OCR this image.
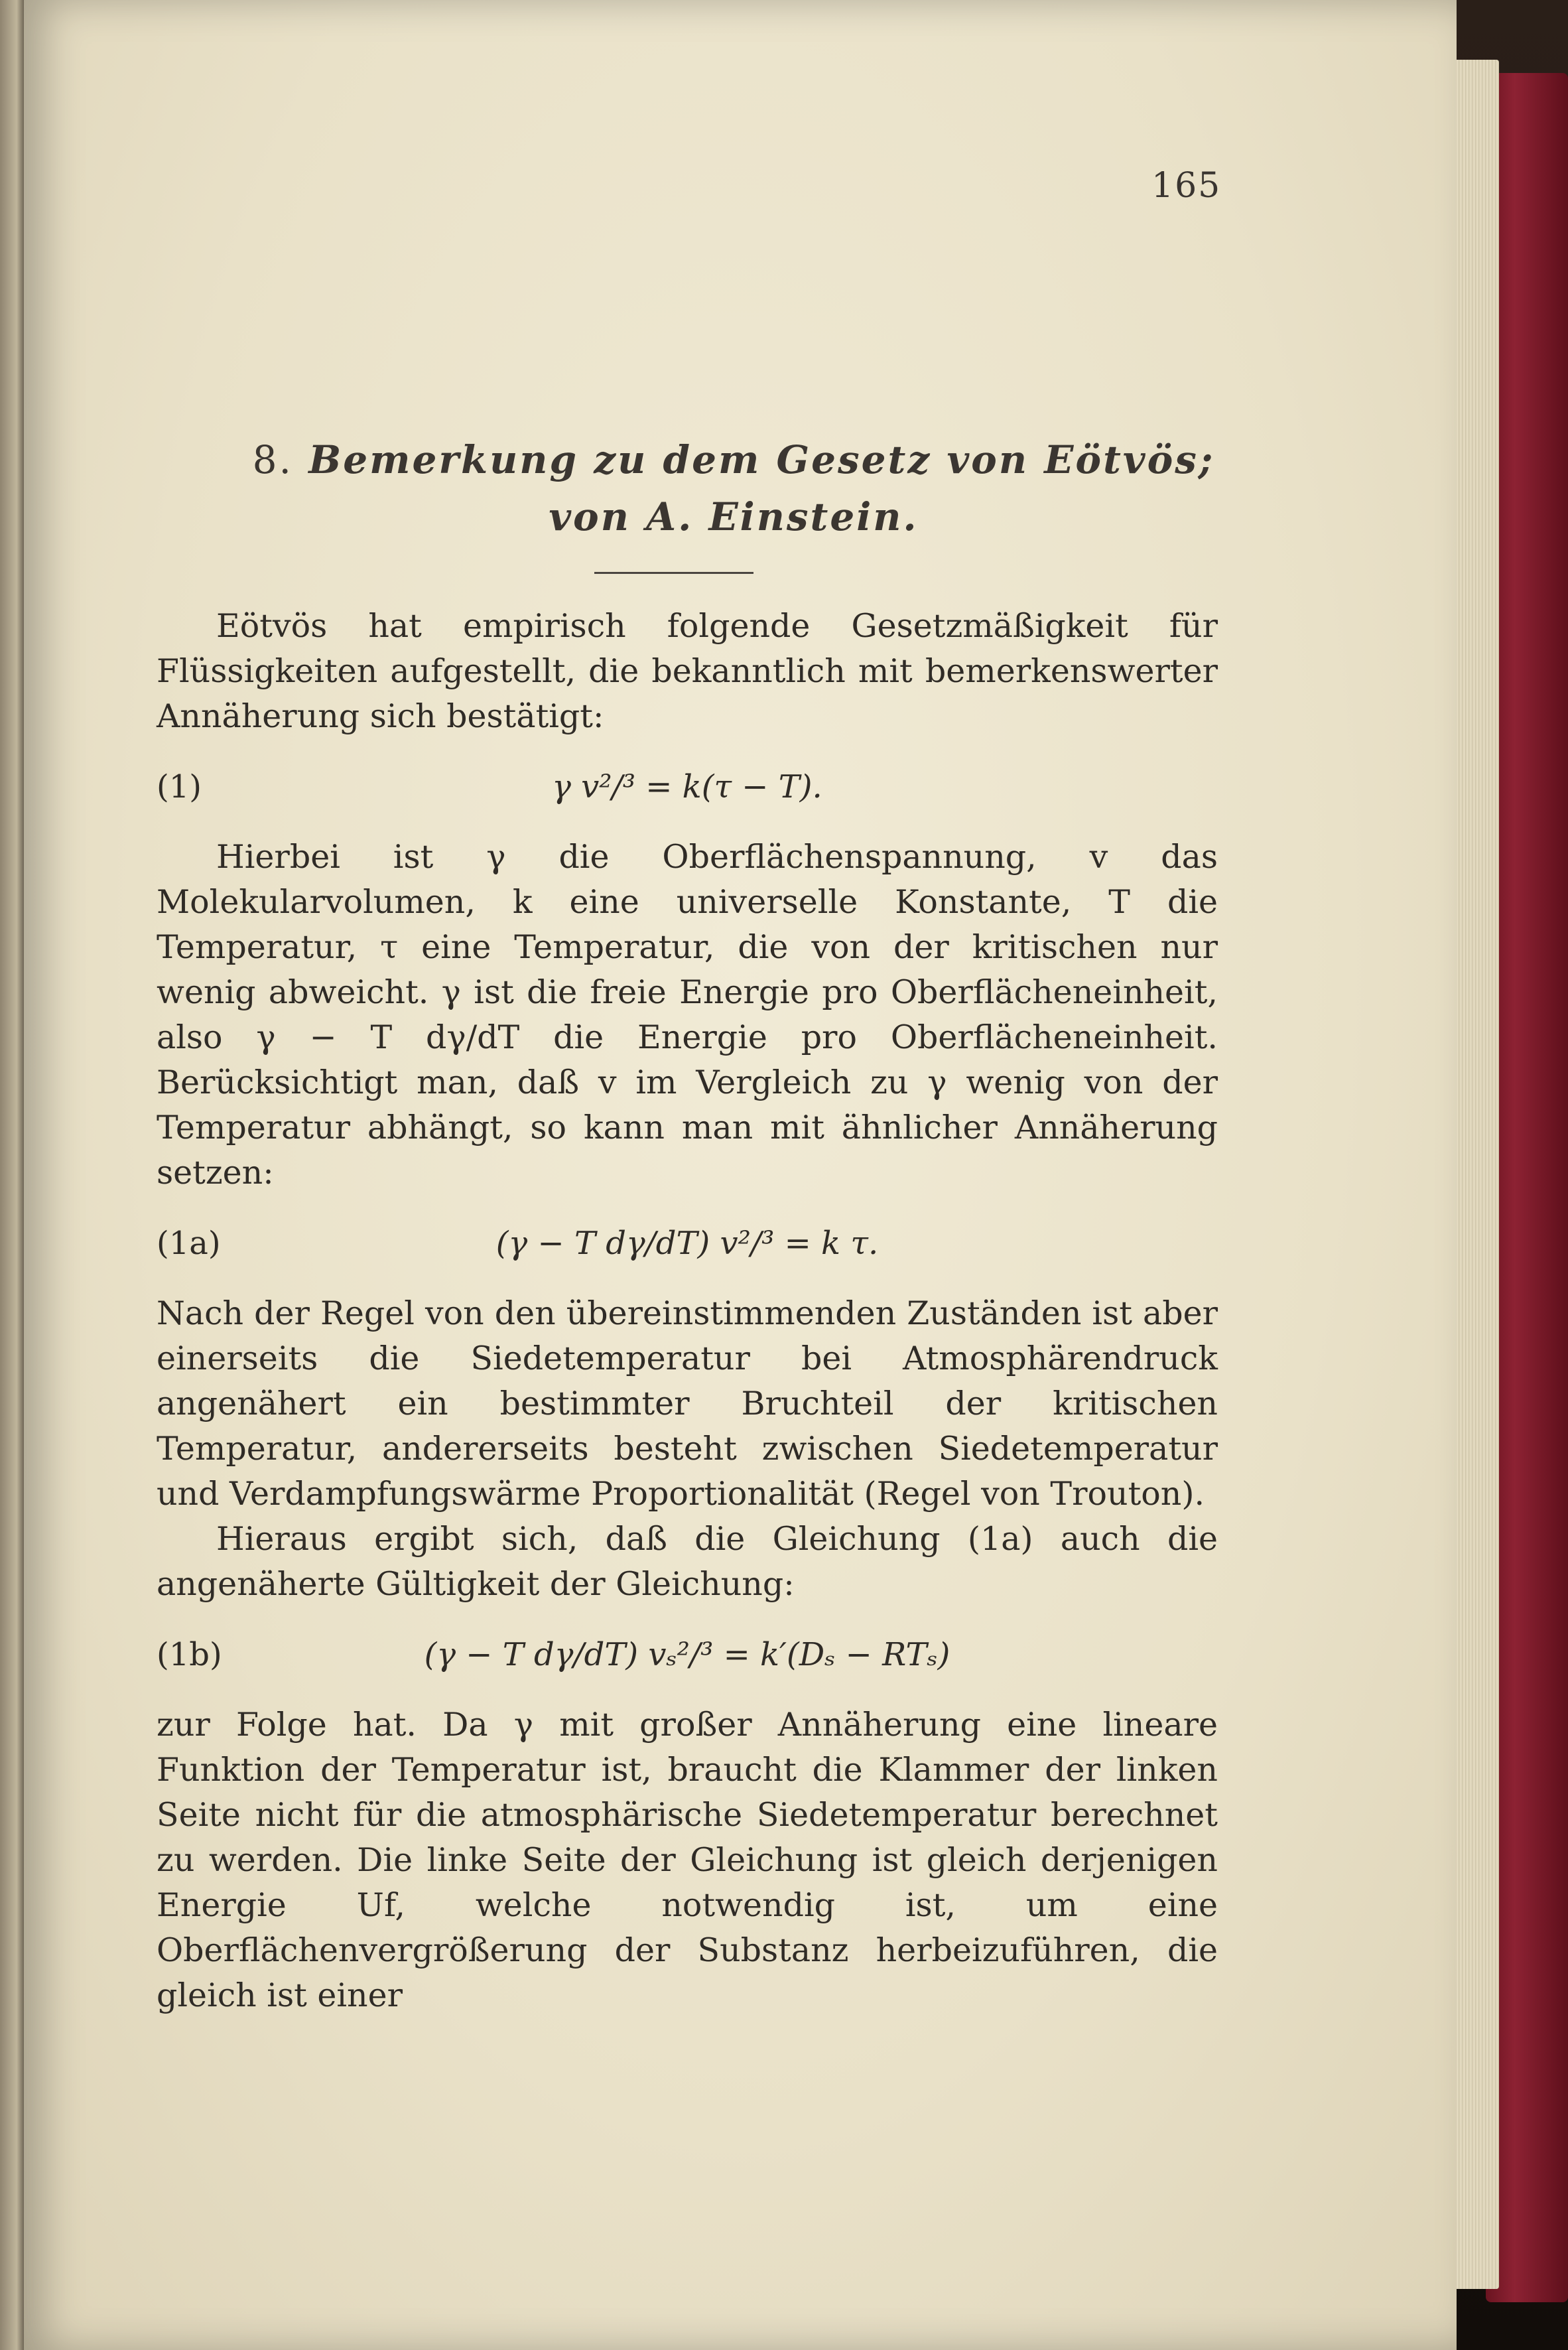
165
8. Bemerkung zu dem Gesetz von Eötvös;
von A. Einstein.

Eötvös hat empirisch folgende Gesetzmäßigkeit für Flüssigkeiten aufgestellt, die bekanntlich mit bemerkenswerter Annäherung sich bestätigt:

(1)	γ v²/³ = k(τ − T).

Hierbei ist γ die Oberflächenspannung, v das Molekularvolumen, k eine universelle Konstante, T die Temperatur, τ eine Temperatur, die von der kritischen nur wenig abweicht. γ ist die freie Energie pro Oberflächeneinheit, also γ − T dγ/dT die Energie pro Oberflächeneinheit. Berücksichtigt man, daß v im Vergleich zu γ wenig von der Temperatur abhängt, so kann man mit ähnlicher Annäherung setzen:

(1a)	(γ − T dγ/dT) v²/³ = k τ.

Nach der Regel von den übereinstimmenden Zuständen ist aber einerseits die Siedetemperatur bei Atmosphärendruck angenähert ein bestimmter Bruchteil der kritischen Temperatur, andererseits besteht zwischen Siedetemperatur und Verdampfungswärme Proportionalität (Regel von Trouton).

Hieraus ergibt sich, daß die Gleichung (1a) auch die angenäherte Gültigkeit der Gleichung:

(1b)	(γ − T dγ/dT) vₛ²/³ = k′(Dₛ − RTₛ)

zur Folge hat. Da γ mit großer Annäherung eine lineare Funktion der Temperatur ist, braucht die Klammer der linken Seite nicht für die atmosphärische Siedetemperatur berechnet zu werden. Die linke Seite der Gleichung ist gleich derjenigen Energie Uf, welche notwendig ist, um eine Oberflächenvergrößerung der Substanz herbeizuführen, die gleich ist einer
